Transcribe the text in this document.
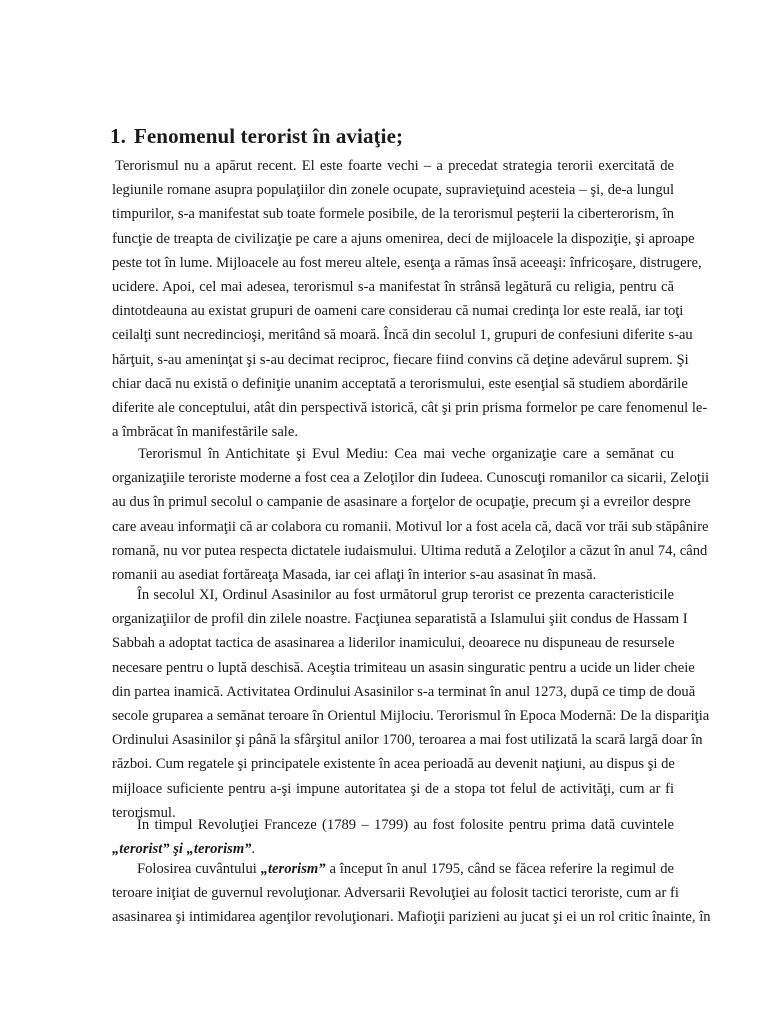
1. Fenomenul terorist în aviaţie;

Terorismul nu a apărut recent. El este foarte vechi – a precedat strategia terorii exercitată de
legiunile romane asupra populaţiilor din zonele ocupate, supravieţuind acesteia – şi, de-a lungul
timpurilor, s-a manifestat sub toate formele posibile, de la terorismul peşterii la ciberterorism, în
funcţie de treapta de civilizaţie pe care a ajuns omenirea, deci de mijloacele la dispoziţie, şi aproape
peste tot în lume. Mijloacele au fost mereu altele, esenţa a rămas însă aceeaşi: înfricoşare, distrugere,
ucidere. Apoi, cel mai adesea, terorismul s-a manifestat în strânsă legătură cu religia, pentru că
dintotdeauna au existat grupuri de oameni care considerau că numai credinţa lor este reală, iar toţi
ceilalţi sunt necredincioşi, meritând să moară. Încă din secolul 1, grupuri de confesiuni diferite s-au
hărţuit, s-au ameninţat şi s-au decimat reciproc, fiecare fiind convins că deţine adevărul suprem. Şi
chiar dacă nu există o definiţie unanim acceptată a terorismului, este esenţial să studiem abordările
diferite ale conceptului, atât din perspectivă istorică, cât şi prin prisma formelor pe care fenomenul le-
a îmbrăcat în manifestările sale.

Terorismul în Antichitate şi Evul Mediu: Cea mai veche organizaţie care a semănat cu
organizaţiile teroriste moderne a fost cea a Zeloţilor din Iudeea. Cunoscuţi romanilor ca sicarii, Zeloţii
au dus în primul secolul o campanie de asasinare a forţelor de ocupaţie, precum şi a evreilor despre
care aveau informaţii că ar colabora cu romanii. Motivul lor a fost acela că, dacă vor trăi sub stăpânire
romană, nu vor putea respecta dictatele iudaismului. Ultima redută a Zeloţilor a căzut în anul 74, când
romanii au asediat fortăreaţa Masada, iar cei aflaţi în interior s-au asasinat în masă.

În secolul XI, Ordinul Asasinilor au fost următorul grup terorist ce prezenta caracteristicile
organizaţiilor de profil din zilele noastre. Facţiunea separatistă a Islamului şiit condus de Hassam I
Sabbah a adoptat tactica de asasinarea a liderilor inamicului, deoarece nu dispuneau de resursele
necesare pentru o luptă deschisă. Aceştia trimiteau un asasin singuratic pentru a ucide un lider cheie
din partea inamică. Activitatea Ordinului Asasinilor s-a terminat în anul 1273, după ce timp de două
secole gruparea a semănat teroare în Orientul Mijlociu. Terorismul în Epoca Modernă: De la dispariţia
Ordinului Asasinilor şi până la sfârşitul anilor 1700, teroarea a mai fost utilizată la scară largă doar în
război. Cum regatele şi principatele existente în acea perioadă au devenit naţiuni, au dispus şi de
mijloace suficiente pentru a-şi impune autoritatea şi de a stopa tot felul de activităţi, cum ar fi
terorismul.

În timpul Revoluţiei Franceze (1789 – 1799) au fost folosite pentru prima dată cuvintele
„terorist” şi „terorism”.

Folosirea cuvântului „terorism” a început în anul 1795, când se făcea referire la regimul de
teroare iniţiat de guvernul revoluţionar. Adversarii Revoluţiei au folosit tactici teroriste, cum ar fi
asasinarea şi intimidarea agenţilor revoluţionari. Mafioţii parizieni au jucat şi ei un rol critic înainte, în
